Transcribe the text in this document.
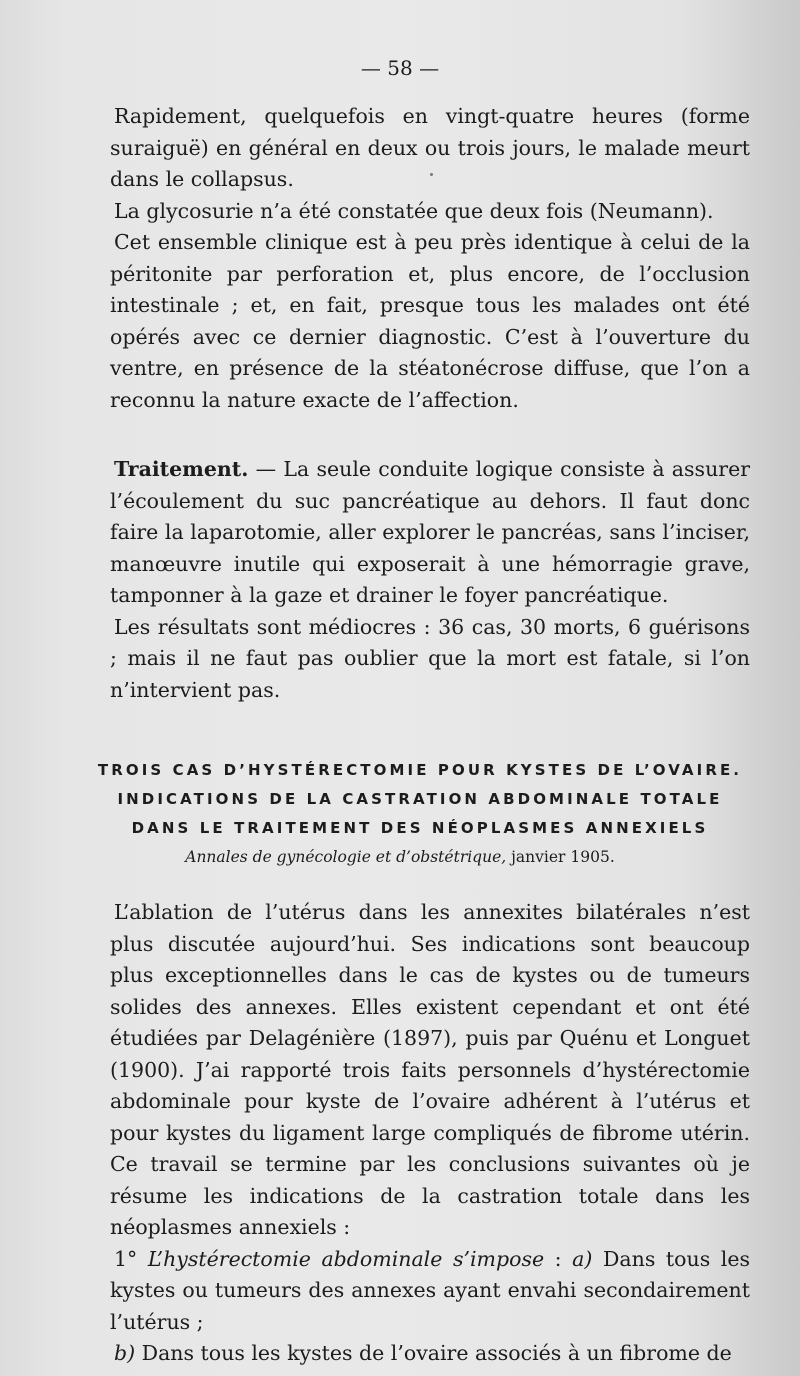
— 58 —

Rapidement, quelquefois en vingt-quatre heures (forme suraiguë) en général en deux ou trois jours, le malade meurt dans le collapsus.

La glycosurie n’a été constatée que deux fois (Neumann).

Cet ensemble clinique est à peu près identique à celui de la péritonite par perforation et, plus encore, de l’occlusion intestinale ; et, en fait, presque tous les malades ont été opérés avec ce dernier diagnostic. C’est à l’ouverture du ventre, en présence de la stéatonécrose diffuse, que l’on a reconnu la nature exacte de l’affection.

Traitement. — La seule conduite logique consiste à assurer l’écoulement du suc pancréatique au dehors. Il faut donc faire la laparotomie, aller explorer le pancréas, sans l’inciser, manœuvre inutile qui exposerait à une hémorragie grave, tamponner à la gaze et drainer le foyer pancréatique.

Les résultats sont médiocres : 36 cas, 30 morts, 6 guérisons ; mais il ne faut pas oublier que la mort est fatale, si l’on n’intervient pas.

TROIS CAS D’HYSTÉRECTOMIE POUR KYSTES DE L’OVAIRE.
INDICATIONS DE LA CASTRATION ABDOMINALE TOTALE
DANS LE TRAITEMENT DES NÉOPLASMES ANNEXIELS
Annales de gynécologie et d’obstétrique, janvier 1905.

L’ablation de l’utérus dans les annexites bilatérales n’est plus discutée aujourd’hui. Ses indications sont beaucoup plus exceptionnelles dans le cas de kystes ou de tumeurs solides des annexes. Elles existent cependant et ont été étudiées par Delagénière (1897), puis par Quénu et Longuet (1900). J’ai rapporté trois faits personnels d’hystérectomie abdominale pour kyste de l’ovaire adhérent à l’utérus et pour kystes du ligament large compliqués de fibrome utérin. Ce travail se termine par les conclusions suivantes où je résume les indications de la castration totale dans les néoplasmes annexiels :

1° L’hystérectomie abdominale s’impose : a) Dans tous les kystes ou tumeurs des annexes ayant envahi secondairement l’utérus ;

b) Dans tous les kystes de l’ovaire associés à un fibrome de
